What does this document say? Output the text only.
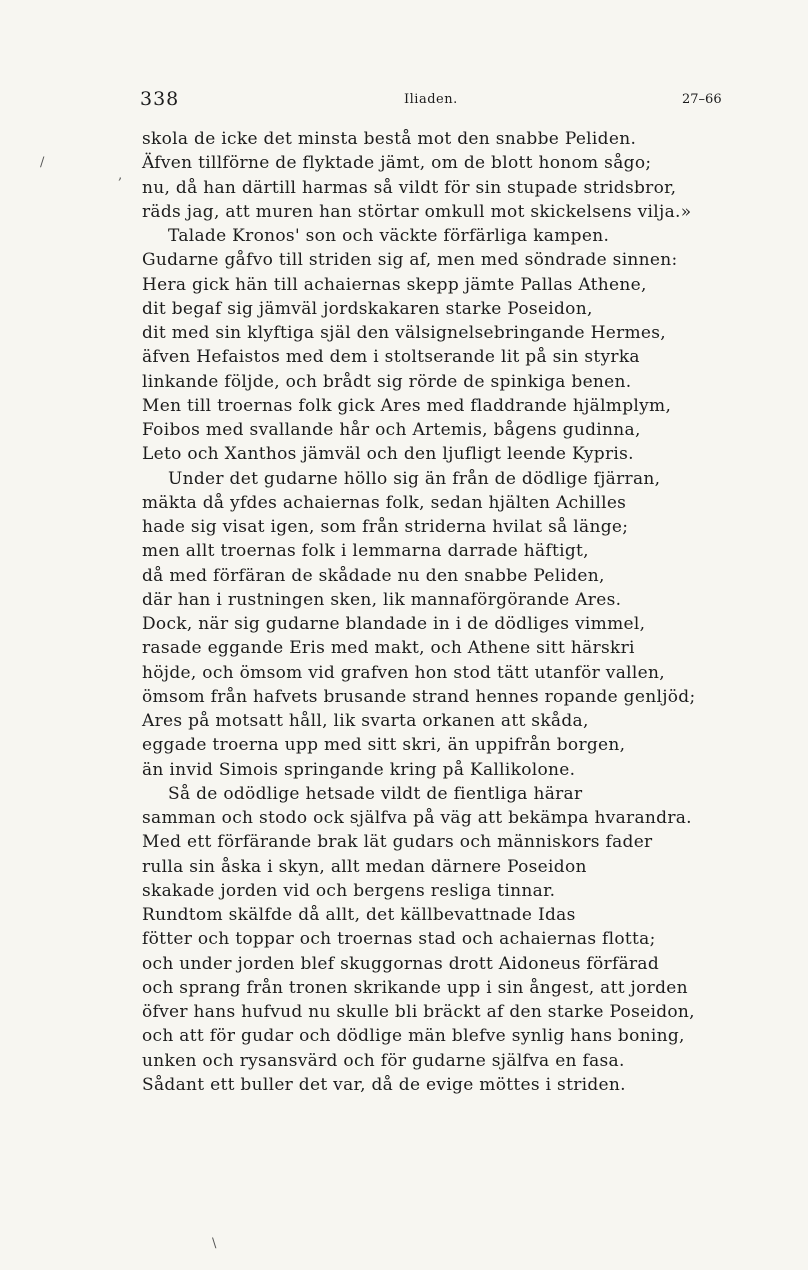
338	Iliaden.	27–66
skola de icke det minsta bestå mot den snabbe Peliden.
Äfven tillförne de flyktade jämt, om de blott honom sågo;
nu, då han därtill harmas så vildt för sin stupade stridsbror,
räds jag, att muren han störtar omkull mot skickelsens vilja.»
Talade Kronos' son och väckte förfärliga kampen.
Gudarne gåfvo till striden sig af, men med söndrade sinnen:
Hera gick hän till achaiernas skepp jämte Pallas Athene,
dit begaf sig jämväl jordskakaren starke Poseidon,
dit med sin klyftiga själ den välsignelsebringande Hermes,
äfven Hefaistos med dem i stoltserande lit på sin styrka
linkande följde, och brådt sig rörde de spinkiga benen.
Men till troernas folk gick Ares med fladdrande hjälmplym,
Foibos med svallande hår och Artemis, bågens gudinna,
Leto och Xanthos jämväl och den ljufligt leende Kypris.
Under det gudarne höllo sig än från de dödlige fjärran,
mäkta då yfdes achaiernas folk, sedan hjälten Achilles
hade sig visat igen, som från striderna hvilat så länge;
men allt troernas folk i lemmarna darrade häftigt,
då med förfäran de skådade nu den snabbe Peliden,
där han i rustningen sken, lik mannaförgörande Ares.
Dock, när sig gudarne blandade in i de dödliges vimmel,
rasade eggande Eris med makt, och Athene sitt härskri
höjde, och ömsom vid grafven hon stod tätt utanför vallen,
ömsom från hafvets brusande strand hennes ropande genljöd;
Ares på motsatt håll, lik svarta orkanen att skåda,
eggade troerna upp med sitt skri, än uppifrån borgen,
än invid Simois springande kring på Kallikolone.
Så de odödlige hetsade vildt de fientliga härar
samman och stodo ock själfva på väg att bekämpa hvarandra.
Med ett förfärande brak lät gudars och människors fader
rulla sin åska i skyn, allt medan därnere Poseidon
skakade jorden vid och bergens resliga tinnar.
Rundtom skälfde då allt, det källbevattnade Idas
fötter och toppar och troernas stad och achaiernas flotta;
och under jorden blef skuggornas drott Aidoneus förfärad
och sprang från tronen skrikande upp i sin ångest, att jorden
öfver hans hufvud nu skulle bli bräckt af den starke Poseidon,
och att för gudar och dödlige män blefve synlig hans boning,
unken och rysansvärd och för gudarne själfva en fasa.
Sådant ett buller det var, då de evige möttes i striden.
‚
/
\
